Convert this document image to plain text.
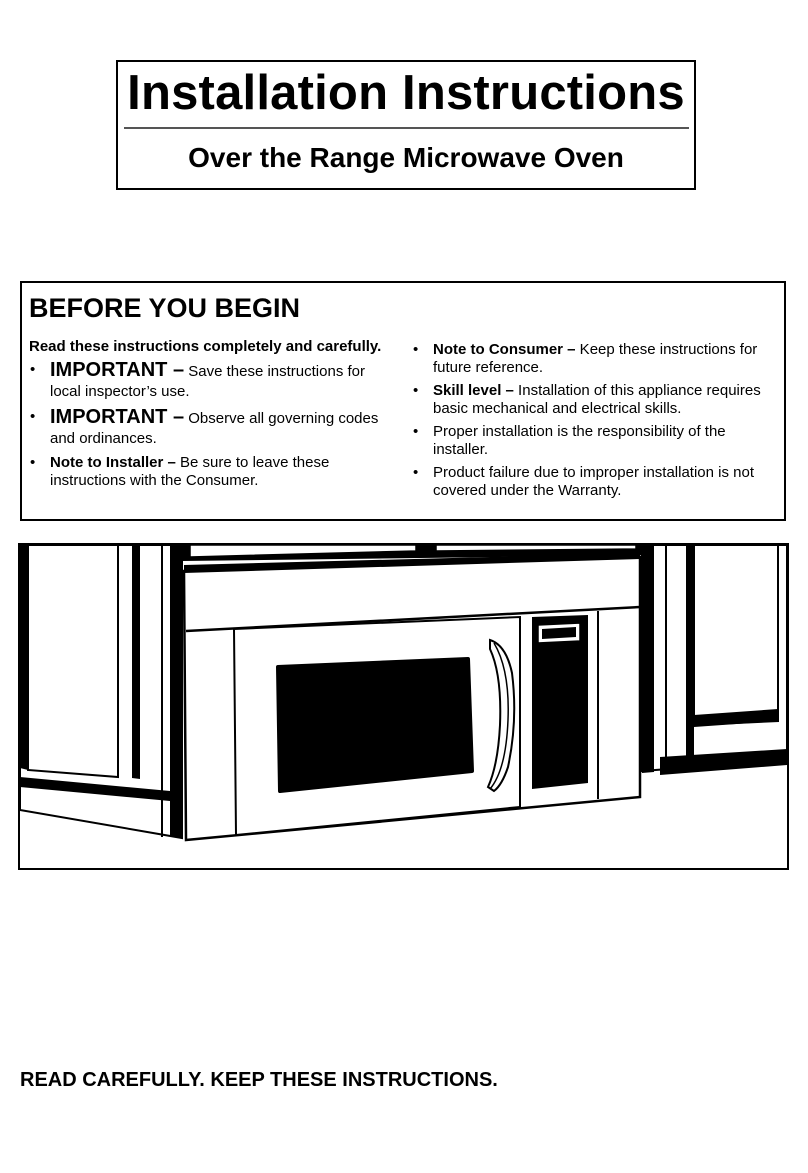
Installation Instructions
Over the Range Microwave Oven
BEFORE YOU BEGIN
Read these instructions completely and carefully.
• IMPORTANT – Save these instructions for local inspector’s use.
• IMPORTANT – Observe all governing codes and ordinances.
• Note to Installer – Be sure to leave these instructions with the Consumer.
• Note to Consumer – Keep these instructions for future reference.
• Skill level – Installation of this appliance requires basic mechanical and electrical skills.
• Proper installation is the responsibility of the installer.
• Product failure due to improper installation is not covered under the Warranty.
READ CAREFULLY. KEEP THESE INSTRUCTIONS.
